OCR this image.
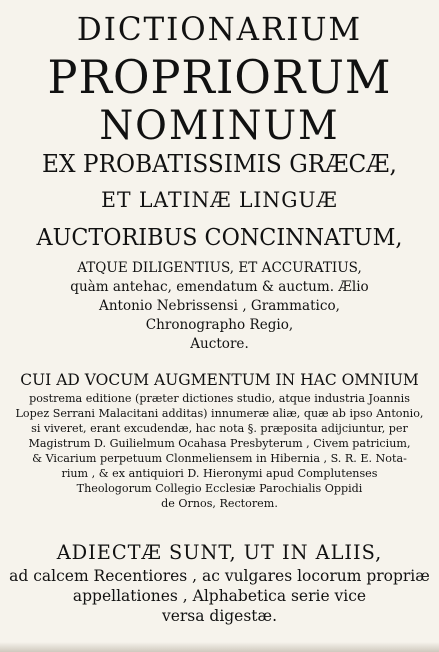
DICTIONARIUM
PROPRIORUM
NOMINUM
EX PROBATISSIMIS GRÆCÆ,
ET LATINÆ LINGUÆ
AUCTORIBUS CONCINNATUM,
ATQUE DILIGENTIUS, ET ACCURATIUS,
quàm antehac, emendatum & auctum. Ælio
Antonio Nebrissensi , Grammatico,
Chronographo Regio,
Auctore.
CUI AD VOCUM AUGMENTUM IN HAC OMNIUM
postrema editione (præter dictiones studio, atque industria Joannis
Lopez Serrani Malacitani additas) innumeræ aliæ, quæ ab ipso Antonio,
si viveret, erant excudendæ, hac nota §. præposita adijciuntur, per
Magistrum D. Guilielmum Ocahasa Presbyterum , Civem patricium,
& Vicarium perpetuum Clonmeliensem in Hibernia , S. R. E. Nota-
rium , & ex antiquiori D. Hieronymi apud Complutenses
Theologorum Collegio Ecclesiæ Parochialis Oppidi
de Ornos, Rectorem.
ADIECTÆ SUNT, UT IN ALIIS,
ad calcem Recentiores , ac vulgares locorum propriæ
appellationes , Alphabetica serie vice
versa digestæ.
